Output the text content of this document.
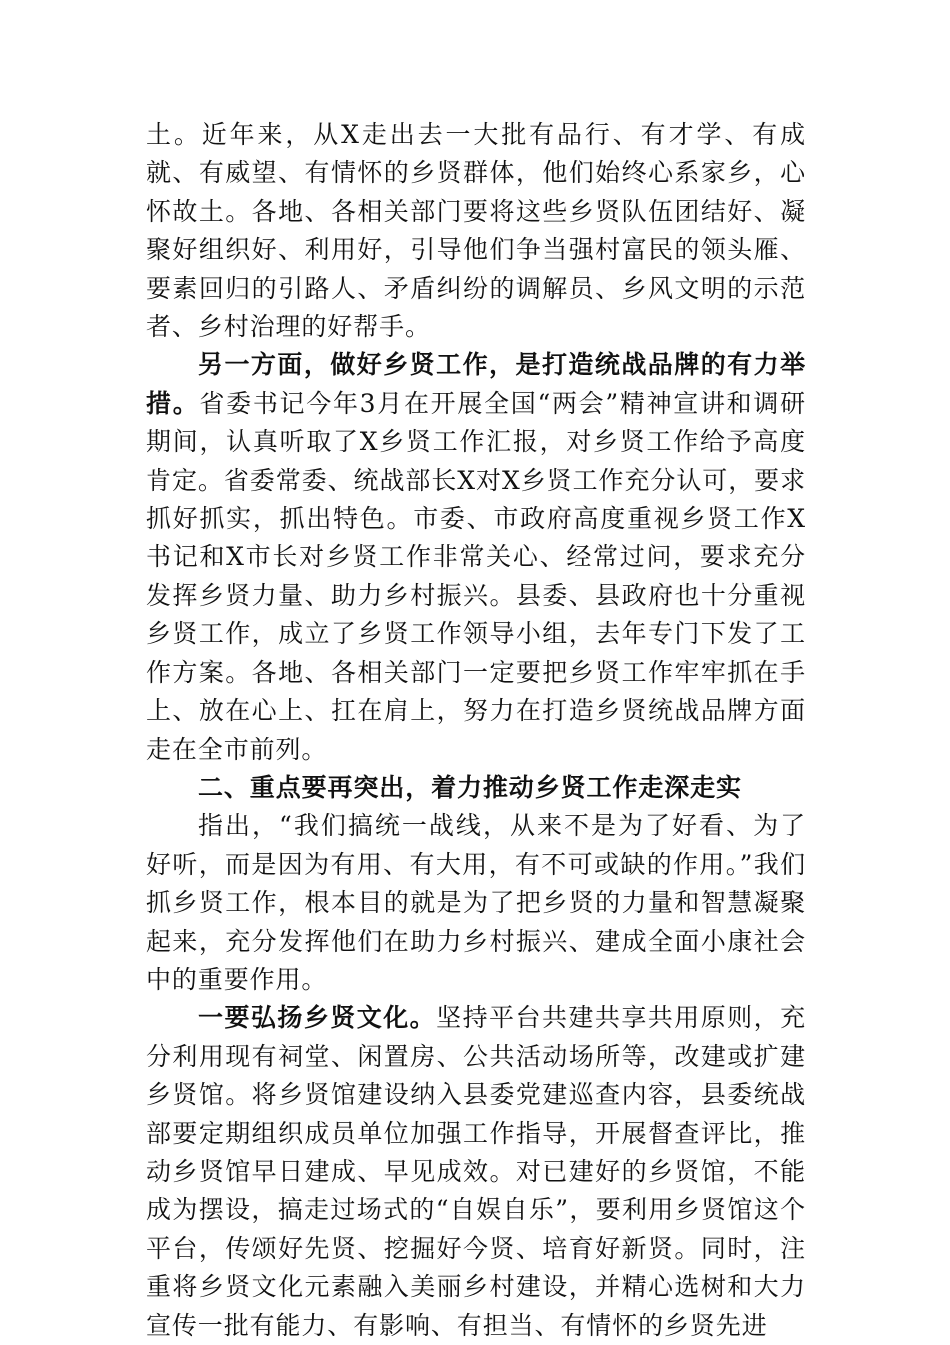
土。近年来，从X走出去一大批有品行、有才学、有成就、有威望、有情怀的乡贤群体，他们始终心系家乡，心怀故土。各地、各相关部门要将这些乡贤队伍团结好、凝聚好组织好、利用好，引导他们争当强村富民的领头雁、要素回归的引路人、矛盾纠纷的调解员、乡风文明的示范者、乡村治理的好帮手。

另一方面，做好乡贤工作，是打造统战品牌的有力举措。省委书记今年3月在开展全国“两会”精神宣讲和调研期间，认真听取了X乡贤工作汇报，对乡贤工作给予高度肯定。省委常委、统战部长X对X乡贤工作充分认可，要求抓好抓实，抓出特色。市委、市政府高度重视乡贤工作X书记和X市长对乡贤工作非常关心、经常过问，要求充分发挥乡贤力量、助力乡村振兴。县委、县政府也十分重视乡贤工作，成立了乡贤工作领导小组，去年专门下发了工作方案。各地、各相关部门一定要把乡贤工作牢牢抓在手上、放在心上、扛在肩上，努力在打造乡贤统战品牌方面走在全市前列。

二、重点要再突出，着力推动乡贤工作走深走实

指出，“我们搞统一战线，从来不是为了好看、为了好听，而是因为有用、有大用，有不可或缺的作用。”我们抓乡贤工作，根本目的就是为了把乡贤的力量和智慧凝聚起来，充分发挥他们在助力乡村振兴、建成全面小康社会中的重要作用。

一要弘扬乡贤文化。坚持平台共建共享共用原则，充分利用现有祠堂、闲置房、公共活动场所等，改建或扩建乡贤馆。将乡贤馆建设纳入县委党建巡查内容，县委统战部要定期组织成员单位加强工作指导，开展督查评比，推动乡贤馆早日建成、早见成效。对已建好的乡贤馆，不能成为摆设，搞走过场式的“自娱自乐”，要利用乡贤馆这个平台，传颂好先贤、挖掘好今贤、培育好新贤。同时，注重将乡贤文化元素融入美丽乡村建设，并精心选树和大力宣传一批有能力、有影响、有担当、有情怀的乡贤先进
